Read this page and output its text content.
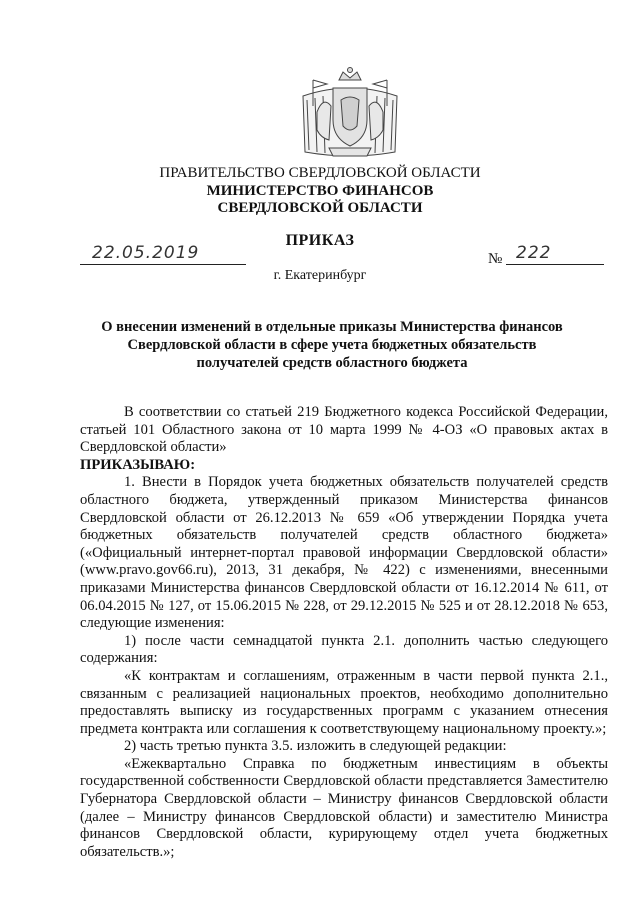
ПРАВИТЕЛЬСТВО СВЕРДЛОВСКОЙ ОБЛАСТИ
МИНИСТЕРСТВО ФИНАНСОВ
СВЕРДЛОВСКОЙ ОБЛАСТИ
ПРИКАЗ
22.05.2019	№ 222
г. Екатеринбург
О внесении изменений в отдельные приказы Министерства финансов Свердловской области в сфере учета бюджетных обязательств получателей средств областного бюджета

В соответствии со статьей 219 Бюджетного кодекса Российской Федерации, статьей 101 Областного закона от 10 марта 1999 № 4-ОЗ «О правовых актах в Свердловской области»

ПРИКАЗЫВАЮ:

1. Внести в Порядок учета бюджетных обязательств получателей средств областного бюджета, утвержденный приказом Министерства финансов Свердловской области от 26.12.2013 № 659 «Об утверждении Порядка учета бюджетных обязательств получателей средств областного бюджета» («Официальный интернет-портал правовой информации Свердловской области» (www.pravo.gov66.ru), 2013, 31 декабря, № 422) с изменениями, внесенными приказами Министерства финансов Свердловской области от 16.12.2014 № 611, от 06.04.2015 № 127, от 15.06.2015 № 228, от 29.12.2015 № 525 и от 28.12.2018 № 653, следующие изменения:

1) после части семнадцатой пункта 2.1. дополнить частью следующего содержания:

«К контрактам и соглашениям, отраженным в части первой пункта 2.1., связанным с реализацией национальных проектов, необходимо дополнительно предоставлять выписку из государственных программ с указанием отнесения предмета контракта или соглашения к соответствующему национальному проекту.»;

2) часть третью пункта 3.5. изложить в следующей редакции:

«Ежеквартально Справка по бюджетным инвестициям в объекты государственной собственности Свердловской области представляется Заместителю Губернатора Свердловской области – Министру финансов Свердловской области (далее – Министру финансов Свердловской области) и заместителю Министра финансов Свердловской области, курирующему отдел учета бюджетных обязательств.»;
